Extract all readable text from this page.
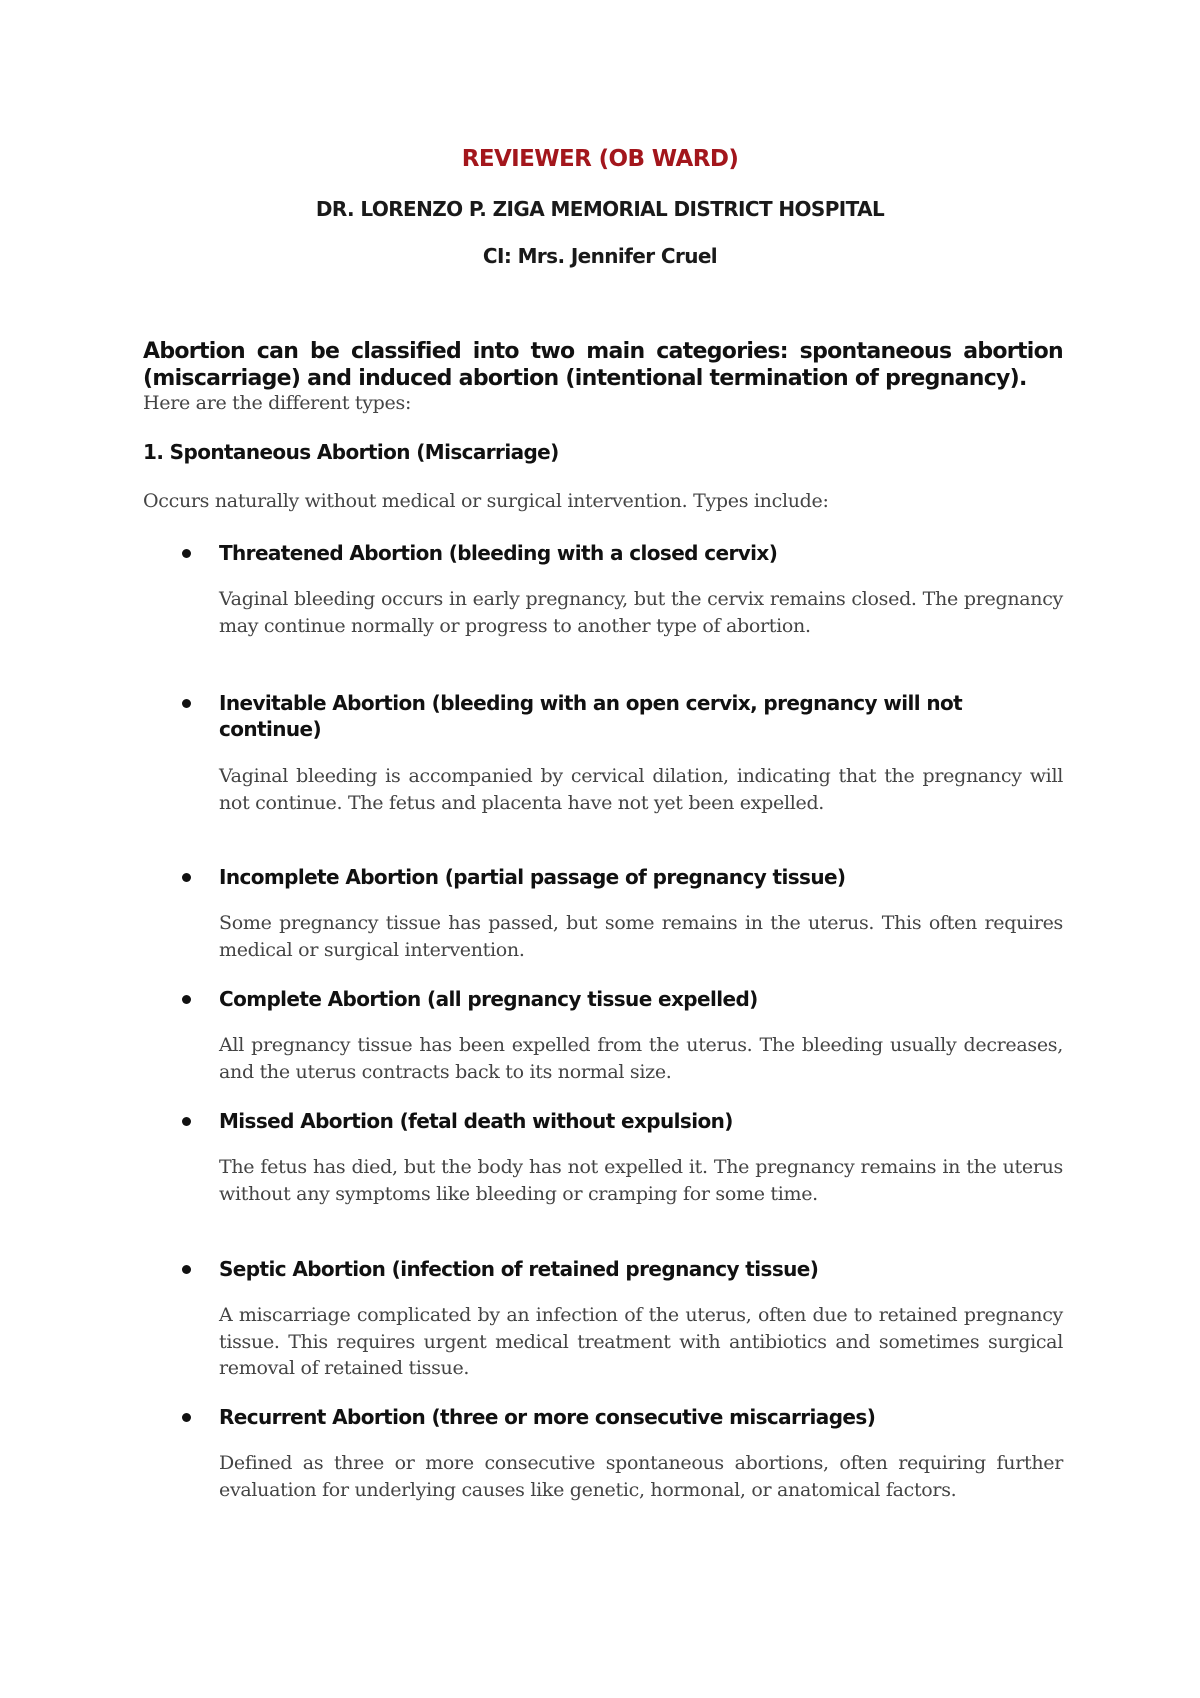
REVIEWER (OB WARD)
DR. LORENZO P. ZIGA MEMORIAL DISTRICT HOSPITAL
CI: Mrs. Jennifer Cruel
Abortion can be classified into two main categories: spontaneous abortion (miscarriage) and induced abortion (intentional termination of pregnancy).
Here are the different types:
1. Spontaneous Abortion (Miscarriage)
Occurs naturally without medical or surgical intervention. Types include:
Threatened Abortion (bleeding with a closed cervix)
Vaginal bleeding occurs in early pregnancy, but the cervix remains closed. The pregnancy may continue normally or progress to another type of abortion.
Inevitable Abortion (bleeding with an open cervix, pregnancy will not continue)
Vaginal bleeding is accompanied by cervical dilation, indicating that the pregnancy will not continue. The fetus and placenta have not yet been expelled.
Incomplete Abortion (partial passage of pregnancy tissue)
Some pregnancy tissue has passed, but some remains in the uterus. This often requires medical or surgical intervention.
Complete Abortion (all pregnancy tissue expelled)
All pregnancy tissue has been expelled from the uterus. The bleeding usually decreases, and the uterus contracts back to its normal size.
Missed Abortion (fetal death without expulsion)
The fetus has died, but the body has not expelled it. The pregnancy remains in the uterus without any symptoms like bleeding or cramping for some time.
Septic Abortion (infection of retained pregnancy tissue)
A miscarriage complicated by an infection of the uterus, often due to retained pregnancy tissue. This requires urgent medical treatment with antibiotics and sometimes surgical removal of retained tissue.
Recurrent Abortion (three or more consecutive miscarriages)
Defined as three or more consecutive spontaneous abortions, often requiring further evaluation for underlying causes like genetic, hormonal, or anatomical factors.
